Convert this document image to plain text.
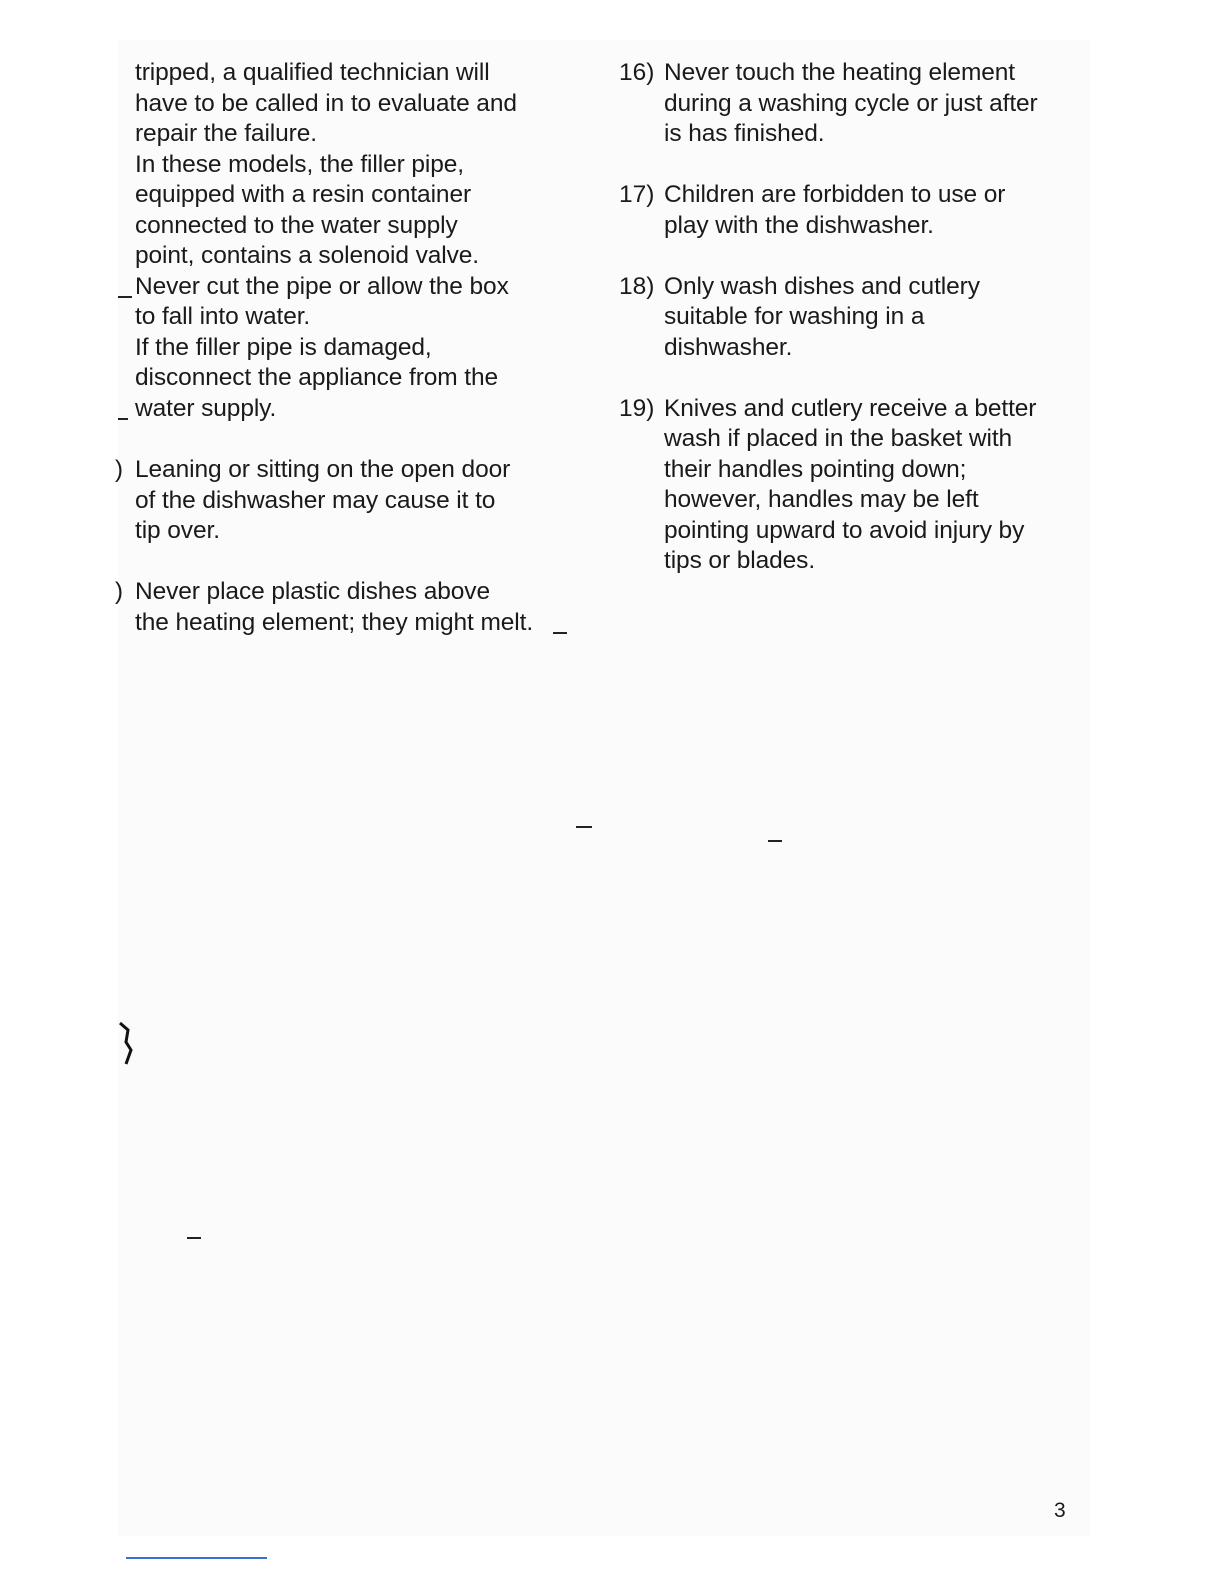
tripped, a qualified technician will
have to be called in to evaluate and
repair the failure.
In these models, the filler pipe,
equipped with a resin container
connected to the water supply
point, contains a solenoid valve.
Never cut the pipe or allow the box
to fall into water.
If the filler pipe is damaged,
disconnect the appliance from the
water supply.
) Leaning or sitting on the open door
of the dishwasher may cause it to
tip over.
) Never place plastic dishes above
the heating element; they might melt.
16) Never touch the heating element
during a washing cycle or just after
is has finished.
17) Children are forbidden to use or
play with the dishwasher.
18) Only wash dishes and cutlery
suitable for washing in a
dishwasher.
19) Knives and cutlery receive a better
wash if placed in the basket with
their handles pointing down;
however, handles may be left
pointing upward to avoid injury by
tips or blades.
3
